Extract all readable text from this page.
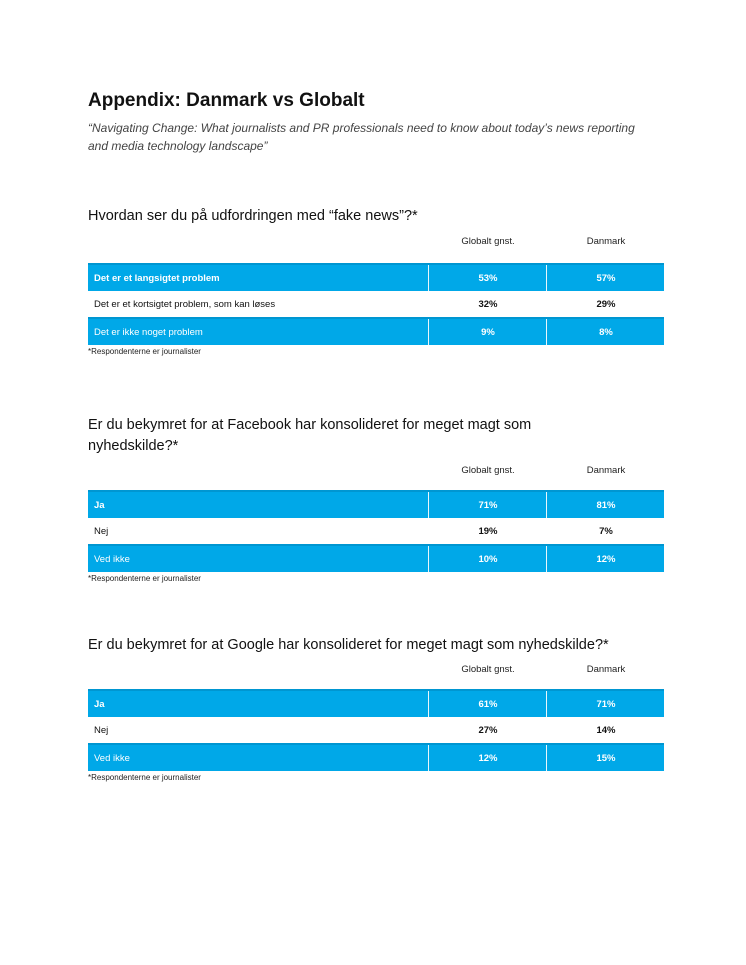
Appendix: Danmark vs Globalt
“Navigating Change: What journalists and PR professionals need to know about today’s news reporting and media technology landscape”

Hvordan ser du på udfordringen med “fake news”?*

Globalt gnst.	Danmark
Det er et langsigtet problem	53%	57%
Det er et kortsigtet problem, som kan løses	32%	29%
Det er ikke noget problem	9%	8%
*Respondenterne er journalister

Er du bekymret for at Facebook har konsolideret for meget magt som nyhedskilde?*

Globalt gnst.	Danmark
Ja	71%	81%
Nej	19%	7%
Ved ikke	10%	12%
*Respondenterne er journalister

Er du bekymret for at Google har konsolideret for meget magt som nyhedskilde?*

Globalt gnst.	Danmark
Ja	61%	71%
Nej	27%	14%
Ved ikke	12%	15%
*Respondenterne er journalister
